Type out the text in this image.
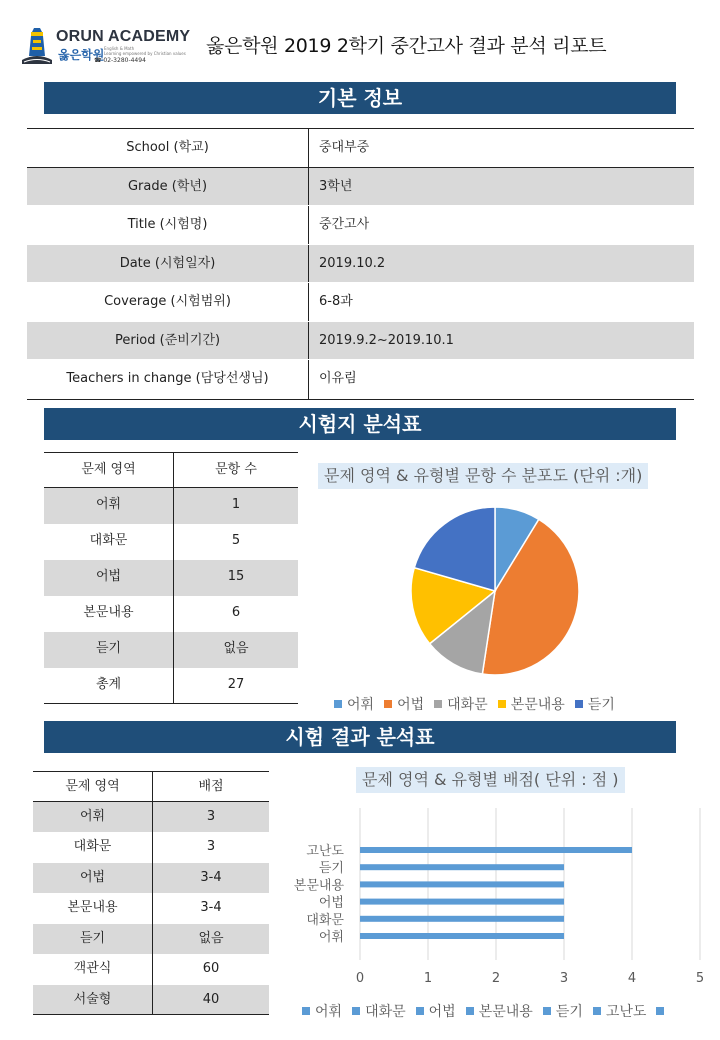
ORUN ACADEMY
옳은학원 English & Math
Learning empowered by Christian values
☎ 02-3280-4494
옳은학원 2019 2학기 중간고사 결과 분석 리포트
기본 정보
School (학교)	중대부중
Grade (학년)	3학년
Title (시험명)	중간고사
Date (시험일자)	2019.10.2
Coverage (시험범위)	6-8과
Period (준비기간)	2019.9.2~2019.10.1
Teachers in change (담당선생님)	이유림
시험지 분석표
문제 영역	문항 수
어휘	1
대화문	5
어법	15
본문내용	6
듣기	없음
총계	27
문제 영역 & 유형별 문항 수 분포도 (단위 :개)
어휘 어법 대화문 본문내용 듣기
시험 결과 분석표
문제 영역	배점
어휘	3
대화문	3
어법	3-4
본문내용	3-4
듣기	없음
객관식	60
서술형	40
문제 영역 & 유형별 배점( 단위 : 점 )
0	1	2	3	4	5
어휘
대화문
어법
본문내용
듣기
고난도
어휘 대화문 어법 본문내용 듣기 고난도
